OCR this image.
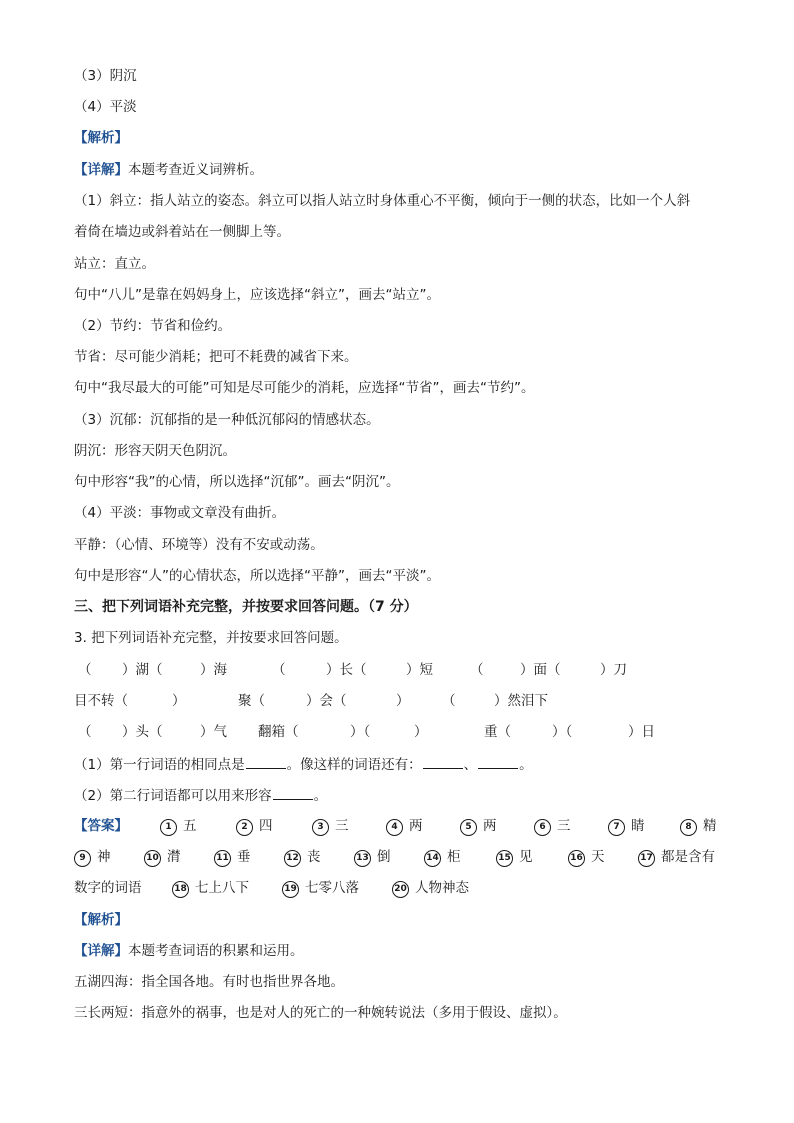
（3）阴沉
（4）平淡
【解析】
【详解】本题考查近义词辨析。
（1）斜立：指人站立的姿态。斜立可以指人站立时身体重心不平衡，倾向于一侧的状态，比如一个人斜
着倚在墙边或斜着站在一侧脚上等。
站立：直立。
句中“八儿”是靠在妈妈身上，应该选择“斜立”，画去“站立”。
（2）节约：节省和俭约。
节省：尽可能少消耗；把可不耗费的减省下来。
句中“我尽最大的可能”可知是尽可能少的消耗，应选择“节省”，画去“节约”。
（3）沉郁：沉郁指的是一种低沉郁闷的情感状态。
阴沉：形容天阴天色阴沉。
句中形容“我”的心情，所以选择“沉郁”。画去“阴沉”。
（4）平淡：事物或文章没有曲折。
平静：（心情、环境等）没有不安或动荡。
句中是形容“人”的心情状态，所以选择“平静”，画去“平淡”。
三、把下列词语补充完整，并按要求回答问题。（7 分）
3. 把下列词语补充完整，并按要求回答问题。
（ ）湖（	）海	（	）长（	）短	（	）面（	）刀
目不转（	）	聚（	）会（	） （	）然泪下
（ ）头（	）气 翻箱（	）（	）	重（	）（	）日
（1）第一行词语的相同点是	。像这样的词语还有：	、	。
（2）第二行词语都可以用来形容	。
【答案】	1 五	2 四	3 三	4 两	5 两	6 三	7 睛	8 精
9 神	10 潸	11 垂	12 丧	13 倒	14 柜	15 见	16 天	17 都是含有
数字的词语	18 七上八下	19 七零八落	20 人物神态
【解析】
【详解】本题考查词语的积累和运用。
五湖四海：指全国各地。有时也指世界各地。
三长两短：指意外的祸事，也是对人的死亡的一种婉转说法（多用于假设、虚拟）。
